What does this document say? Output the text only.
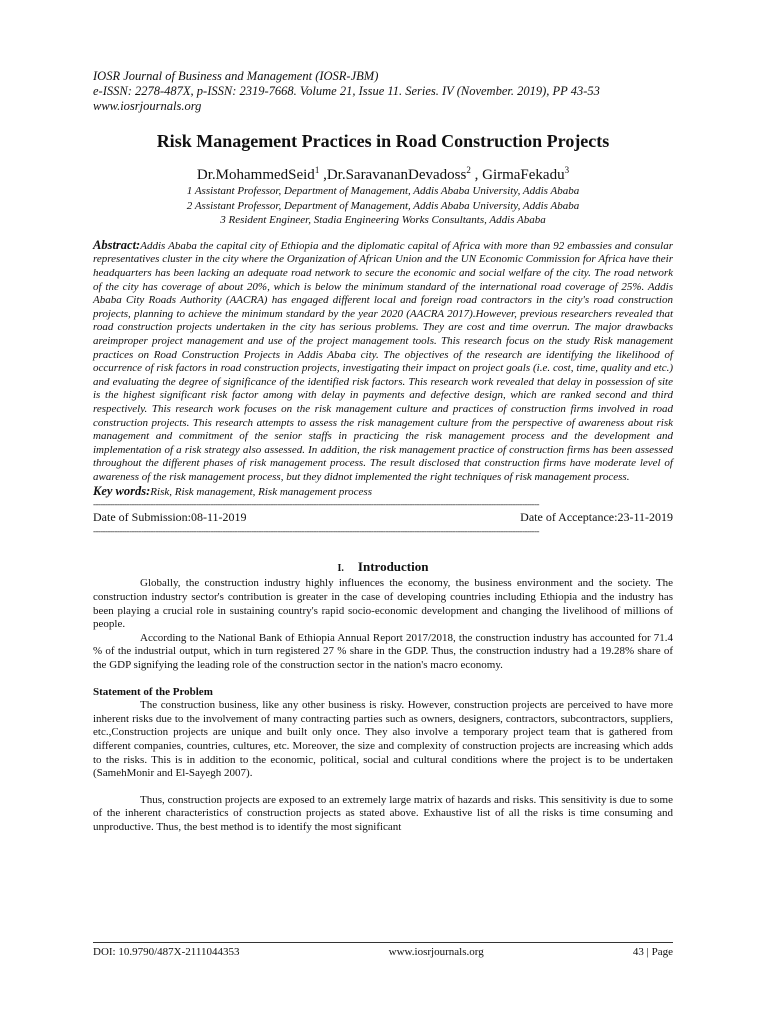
IOSR Journal of Business and Management (IOSR-JBM)
e-ISSN: 2278-487X, p-ISSN: 2319-7668. Volume 21, Issue 11. Series. IV (November. 2019), PP 43-53
www.iosrjournals.org
Risk Management Practices in Road Construction Projects
Dr.MohammedSeid$^1$ ,Dr.SaravananDevadoss$^2$ , GirmaFekadu$^3$
1 Assistant Professor, Department of Management, Addis Ababa University, Addis Ababa
2 Assistant Professor, Department of Management, Addis Ababa University, Addis Ababa
3 Resident Engineer, Stadia Engineering Works Consultants, Addis Ababa
Abstract:Addis Ababa the capital city of Ethiopia and the diplomatic capital of Africa with more than 92 embassies and consular representatives cluster in the city where the Organization of African Union and the UN Economic Commission for Africa have their headquarters has been lacking an adequate road network to secure the economic and social welfare of the city. The road network of the city has coverage of about 20%, which is below the minimum standard of the international road coverage of 25%. Addis Ababa City Roads Authority (AACRA) has engaged different local and foreign road contractors in the city's road construction projects, planning to achieve the minimum standard by the year 2020 (AACRA 2017).However, previous researchers revealed that road construction projects undertaken in the city has serious problems. They are cost and time overrun. The major drawbacks areimproper project management and use of the project management tools. This research focus on the study Risk management practices on Road Construction Projects in Addis Ababa city. The objectives of the research are identifying the likelihood of occurrence of risk factors in road construction projects, investigating their impact on project goals (i.e. cost, time, quality and etc.) and evaluating the degree of significance of the identified risk factors. This research work revealed that delay in possession of site is the highest significant risk factor among with delay in payments and defective design, which are ranked second and third respectively. This research work focuses on the risk management culture and practices of construction firms involved in road construction projects. This research attempts to assess the risk management culture from the perspective of awareness about risk management and commitment of the senior staffs in practicing the risk management process and the development and implementation of a risk strategy also assessed. In addition, the risk management practice of construction firms has been assessed throughout the different phases of risk management process. The result disclosed that construction firms have moderate level of awareness of the risk management process, but they didnot implemented the right techniques of risk management process.
Key words:Risk, Risk management, Risk management process
------------------------------------------------------------------------------------------------------------------------------------------------------------------------------------------
Date of Submission:08-11-2019	Date of Acceptance:23-11-2019
------------------------------------------------------------------------------------------------------------------------------------------------------------------------------------------
I. Introduction

Globally, the construction industry highly influences the economy, the business environment and the society. The construction industry sector's contribution is greater in the case of developing countries including Ethiopia and the industry has been playing a crucial role in sustaining country's rapid socio-economic development and changing the livelihood of millions of people.

According to the National Bank of Ethiopia Annual Report 2017/2018, the construction industry has accounted for 71.4 % of the industrial output, which in turn registered 27 % share in the GDP. Thus, the construction industry had a 19.28% share of the GDP signifying the leading role of the construction sector in the nation's macro economy.

Statement of the Problem

The construction business, like any other business is risky. However, construction projects are perceived to have more inherent risks due to the involvement of many contracting parties such as owners, designers, contractors, subcontractors, suppliers, etc.,Construction projects are unique and built only once. They also involve a temporary project team that is gathered from different companies, countries, cultures, etc. Moreover, the size and complexity of construction projects are increasing which adds to the risks. This is in addition to the economic, political, social and cultural conditions where the project is to be undertaken (SamehMonir and El-Sayegh 2007).

Thus, construction projects are exposed to an extremely large matrix of hazards and risks. This sensitivity is due to some of the inherent characteristics of construction projects as stated above. Exhaustive list of all the risks is time consuming and unproductive. Thus, the best method is to identify the most significant

DOI: 10.9790/487X-2111044353	www.iosrjournals.org	43 | Page
